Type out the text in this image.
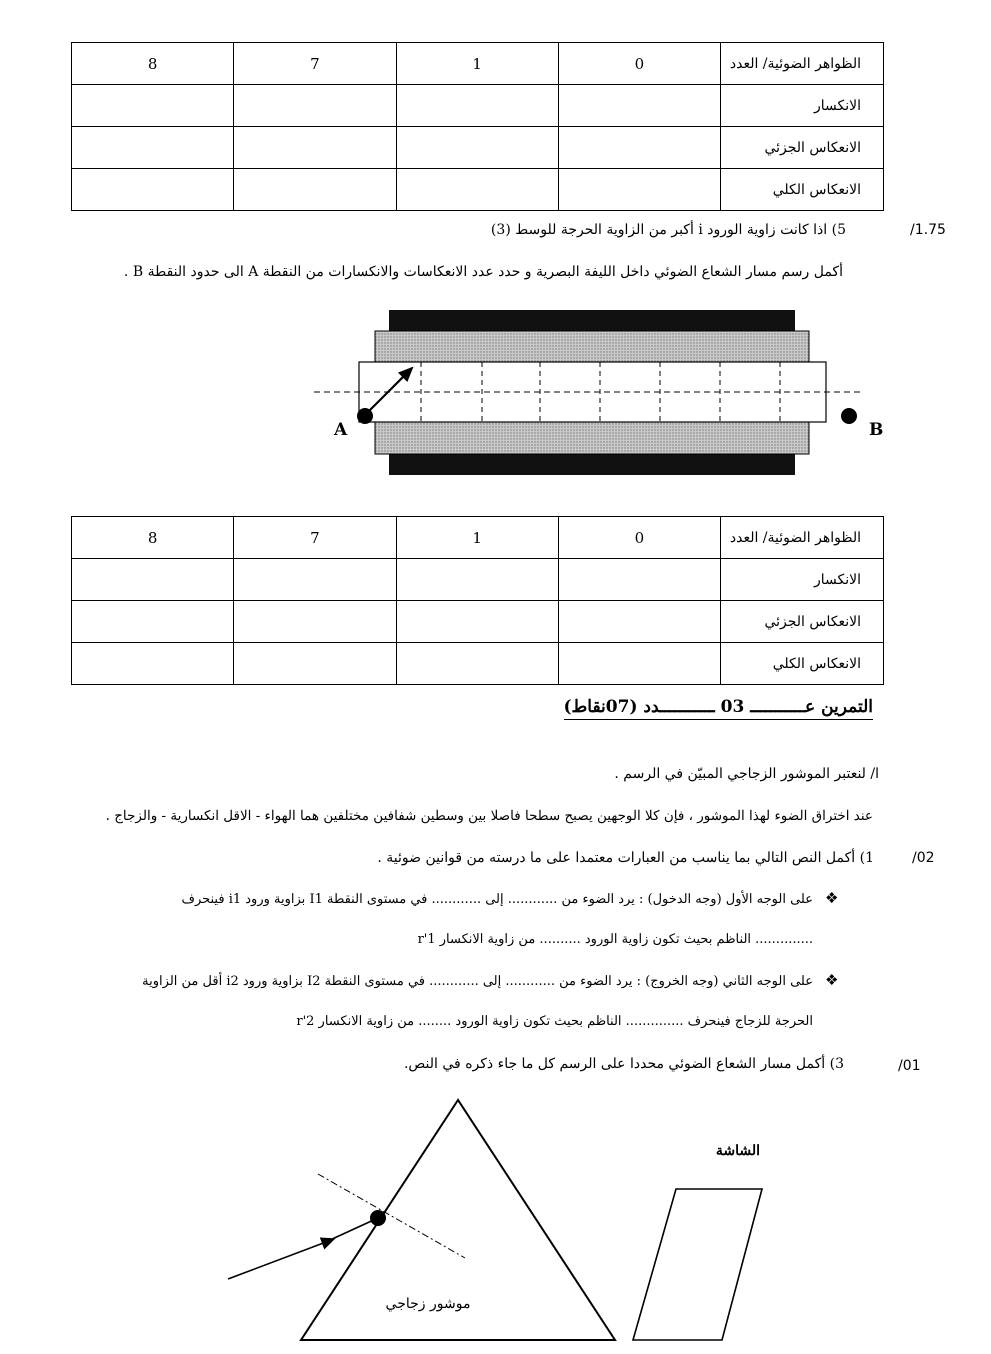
8	7	1	0	الظواهر الضوئية/ العدد
				الانكسار
				الانعكاس الجزئي
				الانعكاس الكلي
/1.75
5) اذا كانت زاوية الورود i أكبر من الزاوية الحرجة للوسط (3)
أكمل رسم مسار الشعاع الضوئي داخل الليفة البصرية و حدد عدد الانعكاسات والانكسارات من النقطة A الى حدود النقطة B .
A	B
8	7	1	0	الظواهر الضوئية/ العدد
				الانكسار
				الانعكاس الجزئي
				الانعكاس الكلي
التمرين عـــــــــــ 03 ـــــــــــدد (07نقاط)
ا/ لنعتبر الموشور الزجاجي المبيّن في الرسم .
عند اختراق الضوء لهذا الموشور ، فإن كلا الوجهين يصبح سطحا فاصلا بين وسطين شفافين مختلفين هما الهواء - الاقل انكسارية - والزجاج .
/02
1) أكمل النص التالي بما يناسب من العبارات معتمدا على ما درسته من قوانين ضوئية .
❖
على الوجه الأول (وجه الدخول) : يرد الضوء من ............ إلى ............ في مستوى النقطة I1 بزاوية ورود i1 فينحرف
.............. الناظم بحيث تكون زاوية الورود .......... من زاوية الانكسار r'1
❖
على الوجه الثاني (وجه الخروج) : يرد الضوء من ............ إلى ............ في مستوى النقطة I2 بزاوية ورود i2 أقل من الزاوية
الحرجة للزجاج فينحرف .............. الناظم بحيث تكون زاوية الورود ........ من زاوية الانكسار r'2
/01
3) أكمل مسار الشعاع الضوئي محددا على الرسم كل ما جاء ذكره في النص.
موشور زجاجي
الشاشة
